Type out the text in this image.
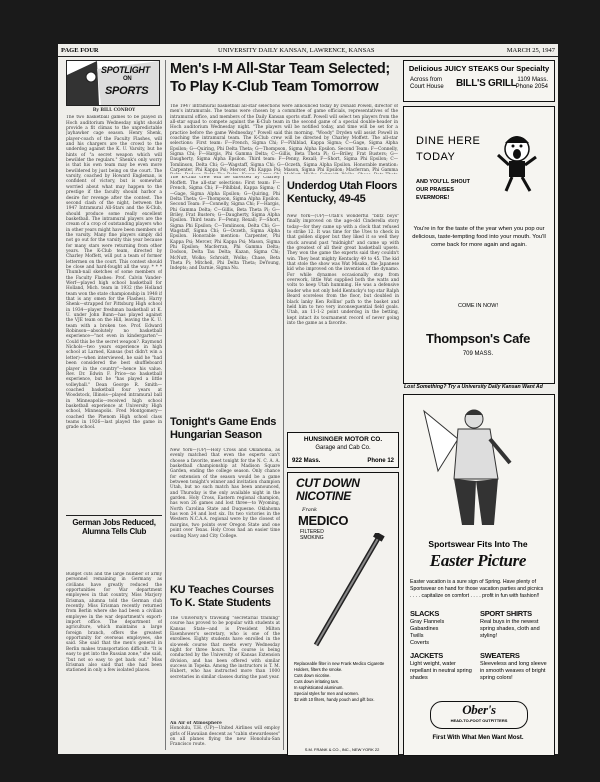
PAGE FOUR	UNIVERSITY DAILY KANSAN, LAWRENCE, KANSAS	MARCH 25, 1947
SPOTLIGHT
ON
SPORTS
By BILL CONBOY

The two basketball games to be played in Hoch auditorium Wednesday night should provide a fit climax to the unpredictable Jayhawker cage season. Henry Shenk, player-coach of the Faculty Flashes, will and his chargers are the crowd to the underdog against the K. U. Varsity, but he hints of "a secret weapon which will bewilder the regulars." Shenk's only worry is that his own team may be even more bewildered by just being on the court. The varsity, coached by Howard Engleman, is confident of victory, but is somewhat worried about what may happen to the prestige if the faculty should harbor a desire for revenge after the contest. The second clash of the night, between the 1947 Intramural All-Stars and the K-Club, should produce some really excellent basketball. The intramural players are the cream of a crop of outstanding players who in other years might have been members of the varsity. Many fine players simply did not go out for the varsity this year because for many stars were returning from other years. The K-Club team, directed by Charley Moffett, will put a team of former lettermen on the court. This contest should be close and hard-fought all the way. * * * Thumb-nail sketches of some members of the Faculty Flashes: Prof. Calvin Vander-Werf—played high school basketball for Holland, Mich. team in 1932 (the Holland team won the state championship in 1948 if that is any omen for the Flashes). Harry Shenk—strapped for Pittsburg High school in 1934—player freshman basketball at K. U. under John Bunn—has played against the VJE team on the Hill, leaving the K. U. team with a broken toe. Prof. Edward Robinson—absolutely no basketball experience—"not even in kindergarten"—Could this be the secret weapon?. Raymond Nichols—two years experience in high school at Larned, Kansas (but didn't win a letter)—when interviewed, he said he "had been considered the best shuffleboard player in the country"—hence his value. Rev. Dr. Edwin F. Price—no basketball experience, but he "has played a little volleyball." Dean George R. Smith—coached basketball four years at Woodstock, Illinois—played intramural ball in Minneapolis—received high school basketball experience at University High school, Minneapolis. Fred Montgomery—coached the Phenom High school class teams in 1926—last played the game in grade school.

German Jobs Reduced, Alumna Tells Club

Budget cuts and the large number of army personnel remaining in Germany as civilians have greatly reduced the opportunities for War department employees in that country, Miss Marjory Erisman, alumna told the German club recently. Miss Erisman recently returned from Berlin where she had been a civilian employee in the war department's export-import office. The department of agriculture, which maintains a large foreign branch, offers the greatest opportunity for overseas employees, she said. She said that the men's general in Berlin makes transportation difficult. "It is easy to get into the Russian zone," she said, "but not so easy to get back out." Miss Erisman also said that she had been stationed in only a few isolated places.

Men's I-M All-Star Team Selected;
To Play K-Club Team Tomorrow

The 1947 intramural basketball all-star selections were announced today by Donald Powell, director of men's intramurals. The teams were chosen by a committee of game officials, representatives of the intramural office, and members of the Daily Kansan sports staff. Powell will select ten players from the all-star squad to compete against the K-Club team in the second game of a special double-header in Hoch auditorium Wednesday night. "The players will be notified today, and time will be set for a practice before the game Wednesday," Powell said this morning. "Woody" Dryden will assist Powell in coaching the intramural team. The K-Club crew will be directed by Charley Moffett. The all-star selections: First team: F—French, Sigma Chi; F—Pihlblad, Kappa Sigma; C—Gage, Sigma Alpha Epsilon; G—Quiring, Phi Delta Theta; G—Thompson, Sigma Alpha Epsilon. Second Team: F—Connelly, Sigma Chi; F—Hargis, Phi Gamma Delta; C—Gillis, Beta Theta Pi; G—Briley, Frat Busters; G—Daugherty, Sigma Alpha Epsilon. Third team: F—Penny, Rexall; F—Short, Sigma Phi Epsilon; C—Tomlinson, Delta Chi; G—Wagstaff, Sigma Chi; G—Oczeth, Sigma Alpha Epsilon. Honorable mention: Carpenter, Phi Kappa Psi; Mercer, Phi Kappa Psi; Mason, Sigma Phi Epsilon; Macferran, Phi Gamma

The K-Club crew will be directed by Charley Moffett. The all-star selections: First team: F—French, Sigma Chi; F—Pihlblad, Kappa Sigma; C—Gage, Sigma Alpha Epsilon; G—Quiring, Phi Delta Theta; G—Thompson, Sigma Alpha Epsilon. Second Team: F—Connelly, Sigma Chi; F—Hargis, Phi Gamma Delta; C—Gillis, Beta Theta Pi; G—Briley, Frat Busters; G—Daugherty, Sigma Alpha Epsilon. Third team: F—Penny, Rexall; F—Short, Sigma Phi Epsilon; C—Tomlinson, Delta Chi; G—Wagstaff, Sigma Chi; G—Oczeth, Sigma Alpha Epsilon. Honorable mention: Carpenter, Phi Kappa Psi; Mercer, Phi Kappa Psi; Mason, Sigma Phi Epsilon; Macferran, Phi Gamma Delta; Dodson, Delta Tau Delta; Kazan, Sigma Chi; McNutt, Wolks; Schroidt, Wolks; Chase, Beta Theta Pi; Mitchell, Phi Delta Theta; DeYoung, Indepts; and Darnie, Sigma Nu.

Tonight's Game Ends
Hungarian Season

New York—(UP)—Holy Cross and Oklahoma, as evenly matched that even the experts can't choose a favorite, meet tonight for the N. C. A. A. basketball championship at Madison Square Garden, ending the college season. Only chance for extension of the season would be a game between tonight's winner and invitation champion Utah, but no such match has been announced, and Thursday is the only available night in the garden. Holy Cross, Eastern regional champion, has won 26 games and lost three—to Wyoming, North Carolina State and Duquesne. Oklahoma has won 24 and lost six. Its two victories in the Western N.C.A.A. regional were by the closest of margins, two points over Oregon State and one point over Texas. Holy Cross had an easier time ousting Navy and City College.

KU Teaches Courses
To K. State Students

The University's traveling "secretarial training" course has proved to be popular with students at Kansas State—and is President Milton Eisenhower's secretary, who is one of the enrollees. Eighty students have enrolled in the six-week course that meets every Wednesday night for three hours. The course is being conducted by the University of Kansas Extension division, and has been offered with similar success in Topeka. Among the instructors is T. M. Hubert, who has instructed more than 1000 secretaries in similar classes during the past year.

An Air of Atmosphere

Honolulu, T.H. (UP)—United Airlines will employ girls of Hawaiian descent as "cabin stewardesses" on all planes flying the new Honolulu-San Francisco route.

Underdog Utah Floors
Kentucky, 49-45

New York—(UP)—Utah's wonderful "blitz boys" finally improved on the age-old Cinderella story today—for they came up with a clock that refused to strike 12. It was time for the Utes to check in that golden slipper but they liked it so well they stuck around past "midnight" and came up with the greatest of all their great basketball upsets. They won the game the experts said they couldn't win. They beat mighty Kentucky 49 to 45. The kid that stole the show was Wat Misaka, the Japanese kid who improved on the invention of the dynamo. For while dynamos occasionally stop from overwork, little Wat supplied both the watts and volts to keep Utah humming. He was a defensive leader who not only held Kentucky's top star Ralph Beard scoreless from the floor, but doubled in black lanky Ken Rollins' path to the basket and held him to two very inconsequential field goals. Utah, an 11-1-2 point underdog in the betting, kept intact its tournament record of never going into the game as a favorite.

HUNSINGER MOTOR CO.
Garage and Cab Co.
922 Mass.	Phone 12
CUT DOWN
NICOTINE
Frank
MEDICO
FILTERED
SMOKING
Replaceable filter in new Frank Medico Cigarette Holders, filters the smoke.
Cuts down nicotine.
Cuts down irritating tars.
In sophisticated aluminum.
Special styles for men and women.
$2 with 10 filters, handy pouch and gift box.
S.M. FRANK & CO., INC., NEW YORK 22
Delicious JUICY STEAKS Our Specialty
Across from
Court House BILL'S GRILL 1109 Mass.
Phone 2054
DINE HERE
TODAY
AND YOU'LL SHOUT
OUR PRAISES
EVERMORE!
You're in for the taste of the year when you pop our delicious, taste-tempting food into your mouth. You'll come back for more again and again.
COME IN NOW!
Thompson's Cafe
709 MASS.
Lost Something? Try a University Daily Kansan Want Ad
Sportswear Fits Into The
Easter Picture
Easter vacation is a sure sign of Spring. Have plenty of Sportswear on hand for those vacation parties and picnics . . . . capitalize on comfort . . . . profit in fun with fashion!!
SLACKS
Gray Flannels
Gabardines
Twills
Coverts
SPORT SHIRTS
Real buys in the newest spring shades, cloth and styling!
JACKETS
Light weight, water repellant in neutral spring shades
SWEATERS
Sleeveless and long sleeve in smooth weaves of bright spring colors!
Ober's
HEAD-TO-FOOT OUTFITTERS
First With What Men Want Most.
